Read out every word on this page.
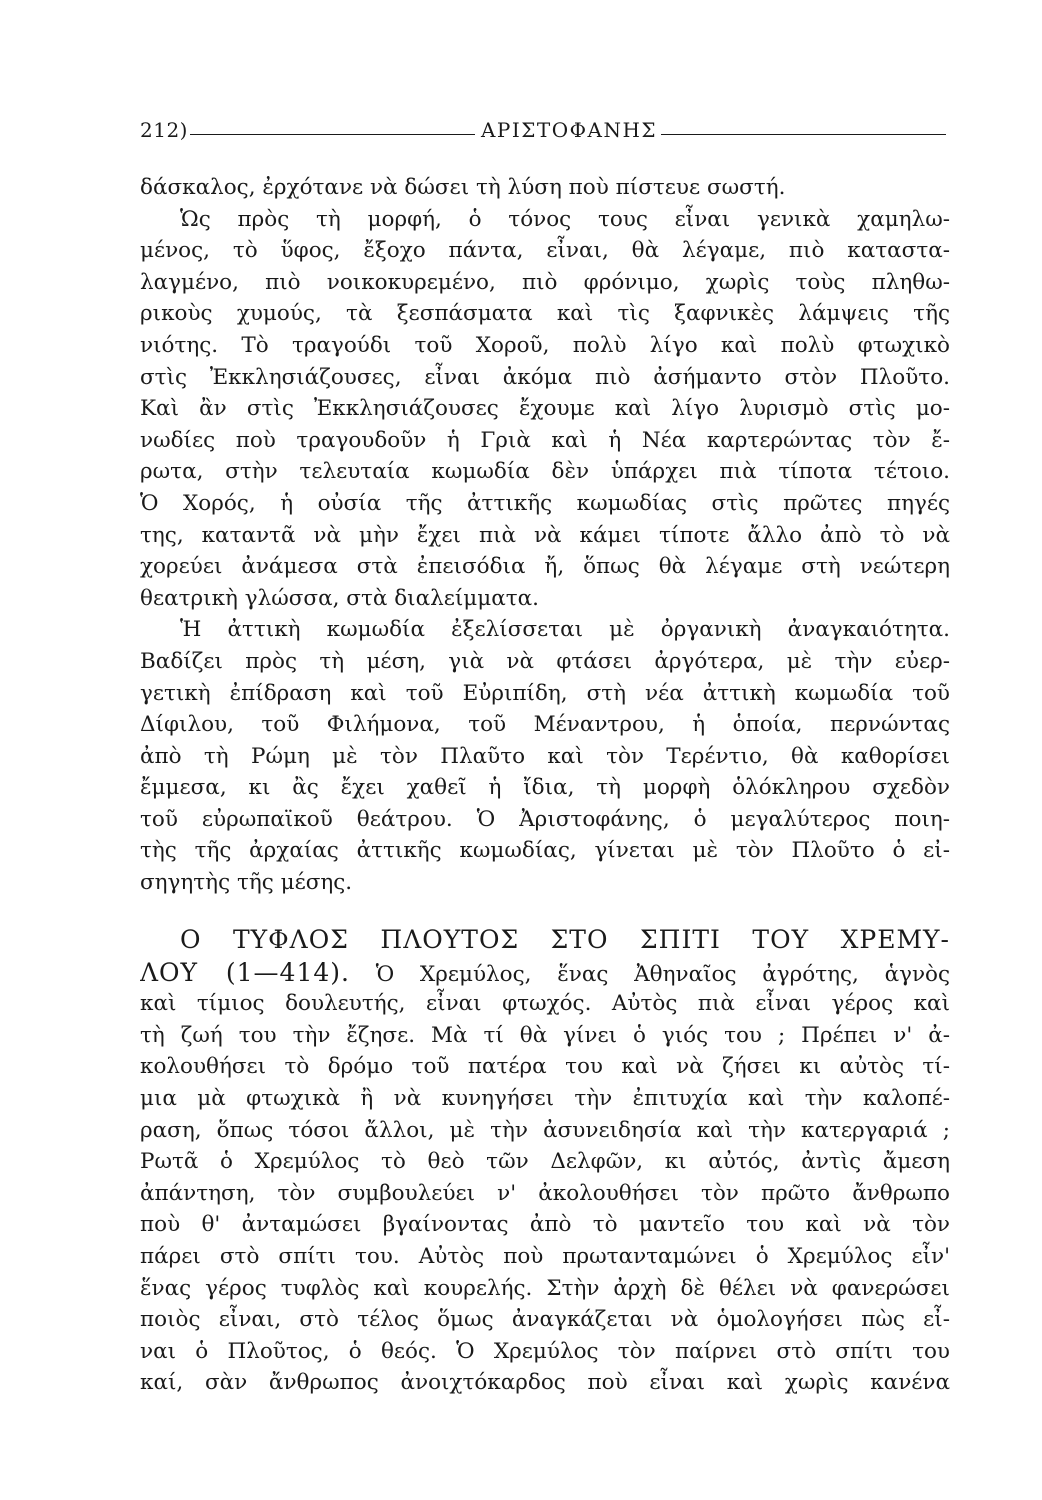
212)	ΑΡΙΣΤΟΦΑΝΗΣ
δάσκαλος, ἐρχότανε νὰ δώσει τὴ λύση ποὺ πίστευε σωστή.
Ὡς πρὸς τὴ μορφή, ὁ τόνος τους εἶναι γενικὰ χαμηλω-
μένος, τὸ ὕφος, ἔξοχο πάντα, εἶναι, θὰ λέγαμε, πιὸ καταστα-
λαγμένο, πιὸ νοικοκυρεμένο, πιὸ φρόνιμο, χωρὶς τοὺς πληθω-
ρικοὺς χυμούς, τὰ ξεσπάσματα καὶ τὶς ξαφνικὲς λάμψεις τῆς
νιότης. Τὸ τραγούδι τοῦ Χοροῦ, πολὺ λίγο καὶ πολὺ φτωχικὸ
στὶς Ἐκκλησιάζουσες, εἶναι ἀκόμα πιὸ ἀσήμαντο στὸν Πλοῦτο.
Καὶ ἂν στὶς Ἐκκλησιάζουσες ἔχουμε καὶ λίγο λυρισμὸ στὶς μο-
νωδίες ποὺ τραγουδοῦν ἡ Γριὰ καὶ ἡ Νέα καρτερώντας τὸν ἔ-
ρωτα, στὴν τελευταία κωμωδία δὲν ὑπάρχει πιὰ τίποτα τέτοιο.
Ὁ Χορός, ἡ οὐσία τῆς ἀττικῆς κωμωδίας στὶς πρῶτες πηγές
της, καταντᾶ νὰ μὴν ἔχει πιὰ νὰ κάμει τίποτε ἄλλο ἀπὸ τὸ νὰ
χορεύει ἀνάμεσα στὰ ἐπεισόδια ἤ, ὅπως θὰ λέγαμε στὴ νεώτερη
θεατρικὴ γλώσσα, στὰ διαλείμματα.
Ἡ ἀττικὴ κωμωδία ἐξελίσσεται μὲ ὀργανικὴ ἀναγκαιότητα.
Βαδίζει πρὸς τὴ μέση, γιὰ νὰ φτάσει ἀργότερα, μὲ τὴν εὐερ-
γετικὴ ἐπίδραση καὶ τοῦ Εὐριπίδη, στὴ νέα ἀττικὴ κωμωδία τοῦ
Δίφιλου, τοῦ Φιλήμονα, τοῦ Μέναντρου, ἡ ὁποία, περνώντας
ἀπὸ τὴ Ρώμη μὲ τὸν Πλαῦτο καὶ τὸν Τερέντιο, θὰ καθορίσει
ἔμμεσα, κι ἂς ἔχει χαθεῖ ἡ ἴδια, τὴ μορφὴ ὁλόκληρου σχεδὸν
τοῦ εὐρωπαϊκοῦ θεάτρου. Ὁ Ἀριστοφάνης, ὁ μεγαλύτερος ποιη-
τὴς τῆς ἀρχαίας ἀττικῆς κωμωδίας, γίνεται μὲ τὸν Πλοῦτο ὁ εἰ-
σηγητὴς τῆς μέσης.
Ο ΤΥΦΛΟΣ ΠΛΟΥΤΟΣ ΣΤΟ ΣΠΙΤΙ ΤΟΥ ΧΡΕΜΥ-
ΛΟΥ (1—414). Ὁ Χρεμύλος, ἕνας Ἀθηναῖος ἀγρότης, ἁγνὸς
καὶ τίμιος δουλευτής, εἶναι φτωχός. Αὐτὸς πιὰ εἶναι γέρος καὶ
τὴ ζωή του τὴν ἔζησε. Μὰ τί θὰ γίνει ὁ γιός του ; Πρέπει ν' ἀ-
κολουθήσει τὸ δρόμο τοῦ πατέρα του καὶ νὰ ζήσει κι αὐτὸς τί-
μια μὰ φτωχικὰ ἢ νὰ κυνηγήσει τὴν ἐπιτυχία καὶ τὴν καλοπέ-
ραση, ὅπως τόσοι ἄλλοι, μὲ τὴν ἀσυνειδησία καὶ τὴν κατεργαριά ;
Ρωτᾶ ὁ Χρεμύλος τὸ θεὸ τῶν Δελφῶν, κι αὐτός, ἀντὶς ἄμεση
ἀπάντηση, τὸν συμβουλεύει ν' ἀκολουθήσει τὸν πρῶτο ἄνθρωπο
ποὺ θ' ἀνταμώσει βγαίνοντας ἀπὸ τὸ μαντεῖο του καὶ νὰ τὸν
πάρει στὸ σπίτι του. Αὐτὸς ποὺ πρωτανταμώνει ὁ Χρεμύλος εἶν'
ἕνας γέρος τυφλὸς καὶ κουρελής. Στὴν ἀρχὴ δὲ θέλει νὰ φανερώσει
ποιὸς εἶναι, στὸ τέλος ὅμως ἀναγκάζεται νὰ ὁμολογήσει πὼς εἶ-
ναι ὁ Πλοῦτος, ὁ θεός. Ὁ Χρεμύλος τὸν παίρνει στὸ σπίτι του
καί, σὰν ἄνθρωπος ἀνοιχτόκαρδος ποὺ εἶναι καὶ χωρὶς κανένα
